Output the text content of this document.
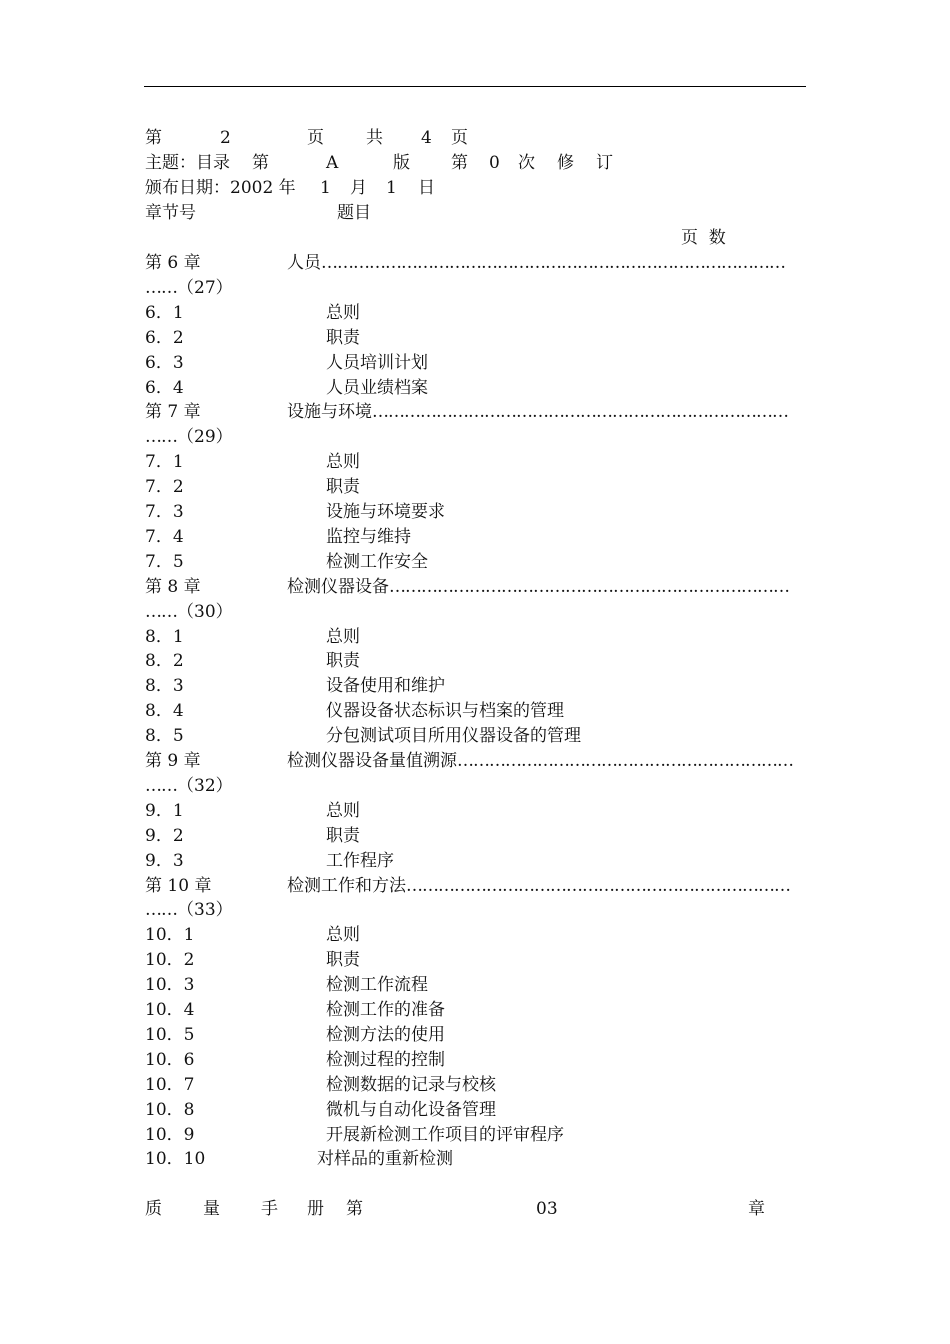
第	2	页 共 4 页
主题：目录 第	A	版 第 0 次 修 订
颁布日期：2002 年 1 月 1 日
章节号	题目
页  数
第 6 章	人员……………………………………………………………………………
……（27）
6．1	总则
6．2	职责
6．3	人员培训计划
6．4	人员业绩档案
第 7 章	设施与环境……………………………………………………………………
……（29）
7．1	总则
7．2	职责
7．3	设施与环境要求
7．4	监控与维持
7．5	检测工作安全
第 8 章	检测仪器设备…………………………………………………………………
……（30）
8．1	总则
8．2	职责
8．3	设备使用和维护
8．4	仪器设备状态标识与档案的管理
8．5	分包测试项目所用仪器设备的管理
第 9 章	检测仪器设备量值溯源………………………………………………………
……（32）
9．1	总则
9．2	职责
9．3	工作程序
第 10 章	检测工作和方法………………………………………………………………
……（33）
10．1	总则
10．2	职责
10．3	检测工作流程
10．4	检测工作的准备
10．5	检测方法的使用
10．6	检测过程的控制
10．7	检测数据的记录与校核
10．8	微机与自动化设备管理
10．9	开展新检测工作项目的评审程序
10．10	对样品的重新检测
质 量 手 册 第	03	章
